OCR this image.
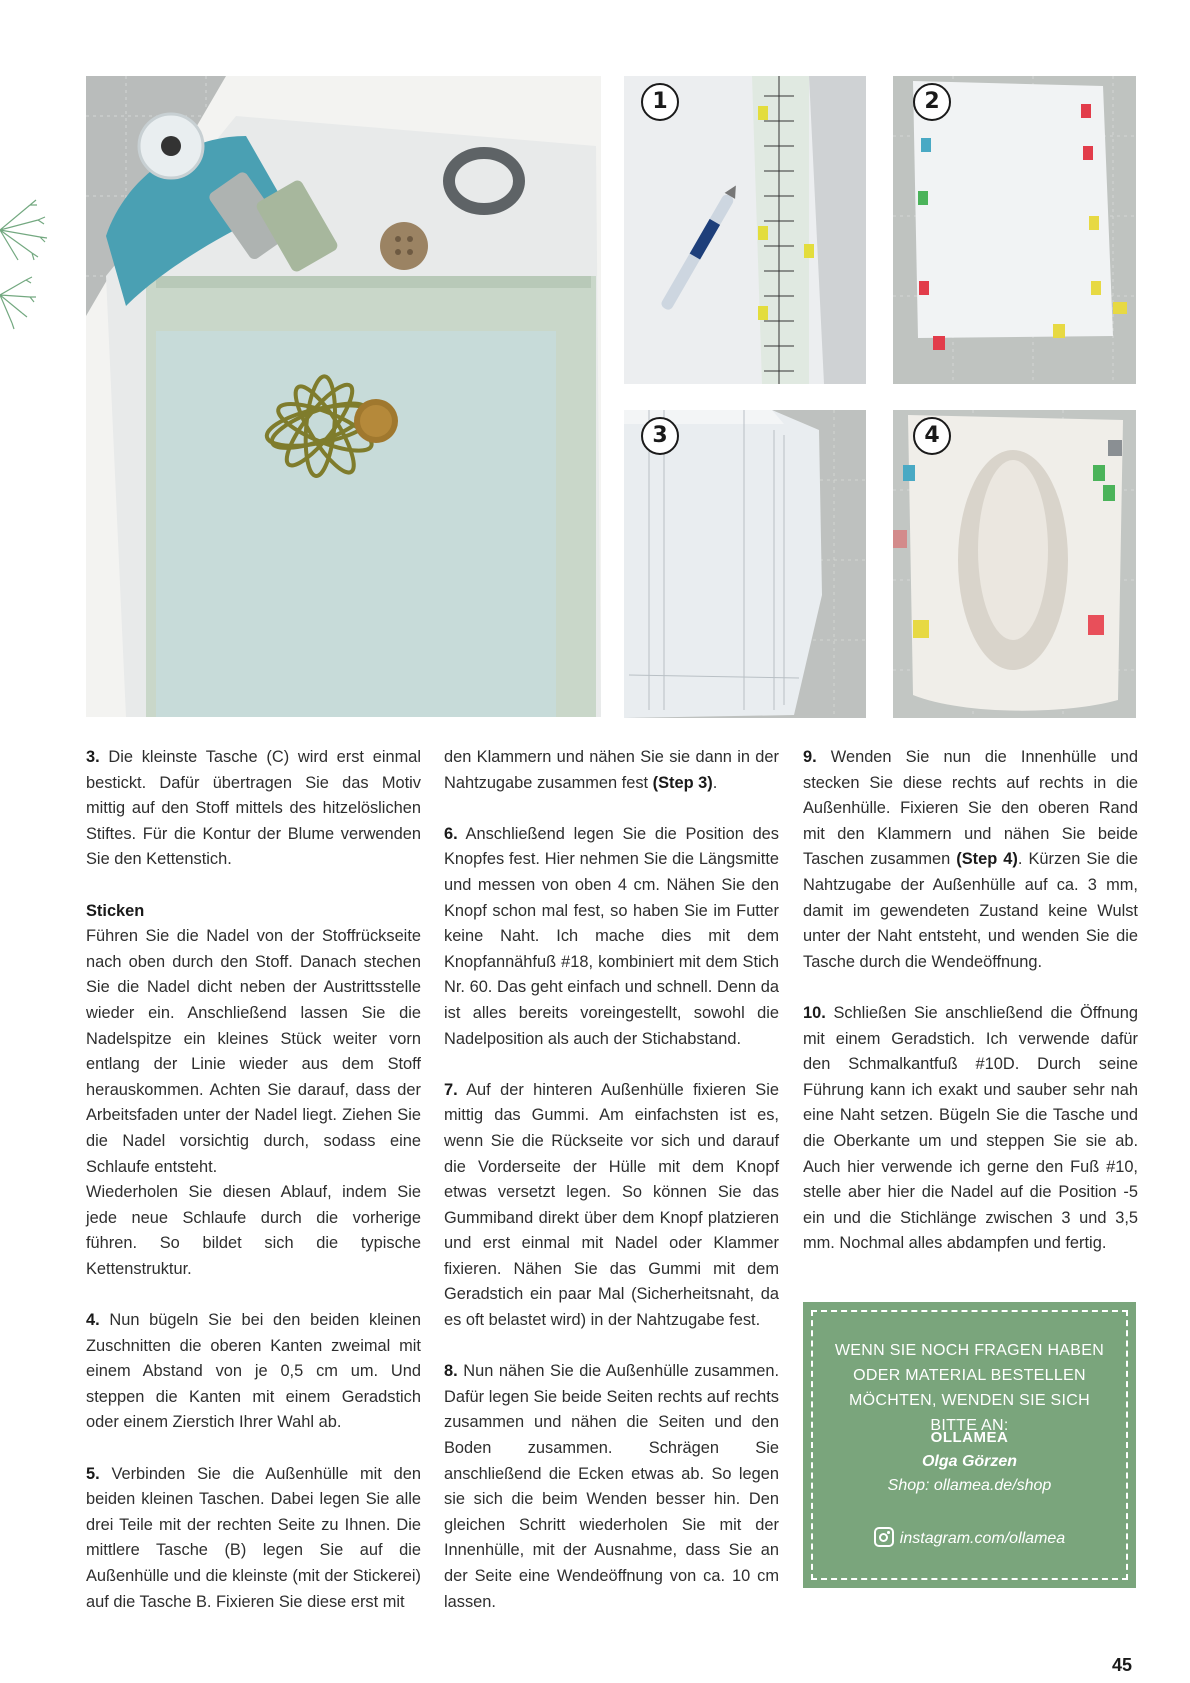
1	2
3	4

3. Die kleinste Tasche (C) wird erst einmal bestickt. Dafür übertragen Sie das Motiv mittig auf den Stoff mittels des hitzelöslichen Stiftes. Für die Kontur der Blume verwenden Sie den Kettenstich.

Sticken
Führen Sie die Nadel von der Stoffrückseite nach oben durch den Stoff. Danach stechen Sie die Nadel dicht neben der Austrittsstelle wieder ein. Anschließend lassen Sie die Nadelspitze ein kleines Stück weiter vorn entlang der Linie wieder aus dem Stoff herauskommen. Achten Sie darauf, dass der Arbeitsfaden unter der Nadel liegt. Ziehen Sie die Nadel vorsichtig durch, sodass eine Schlaufe entsteht.

Wiederholen Sie diesen Ablauf, indem Sie jede neue Schlaufe durch die vorherige führen. So bildet sich die typische Kettenstruktur.

4. Nun bügeln Sie bei den beiden kleinen Zuschnitten die oberen Kanten zweimal mit einem Abstand von je 0,5 cm um. Und steppen die Kanten mit einem Geradstich oder einem Zierstich Ihrer Wahl ab.

5. Verbinden Sie die Außenhülle mit den beiden kleinen Taschen. Dabei legen Sie alle drei Teile mit der rechten Seite zu Ihnen. Die mittlere Tasche (B) legen Sie auf die Außenhülle und die kleinste (mit der Stickerei) auf die Tasche B. Fixieren Sie diese erst mit

den Klammern und nähen Sie sie dann in der Nahtzugabe zusammen fest (Step 3).

6. Anschließend legen Sie die Position des Knopfes fest. Hier nehmen Sie die Längsmitte und messen von oben 4 cm. Nähen Sie den Knopf schon mal fest, so haben Sie im Futter keine Naht. Ich mache dies mit dem Knopfannähfuß #18, kombiniert mit dem Stich Nr. 60. Das geht einfach und schnell. Denn da ist alles bereits voreingestellt, sowohl die Nadelposition als auch der Stichabstand.

7. Auf der hinteren Außenhülle fixieren Sie mittig das Gummi. Am einfachsten ist es, wenn Sie die Rückseite vor sich und darauf die Vorderseite der Hülle mit dem Knopf etwas versetzt legen. So können Sie das Gummiband direkt über dem Knopf platzieren und erst einmal mit Nadel oder Klammer fixieren. Nähen Sie das Gummi mit dem Geradstich ein paar Mal (Sicherheitsnaht, da es oft belastet wird) in der Nahtzugabe fest.

8. Nun nähen Sie die Außenhülle zusammen. Dafür legen Sie beide Seiten rechts auf rechts zusammen und nähen die Seiten und den Boden zusammen. Schrägen Sie anschließend die Ecken etwas ab. So legen sie sich die beim Wenden besser hin. Den gleichen Schritt wiederholen Sie mit der Innenhülle, mit der Ausnahme, dass Sie an der Seite eine Wendeöffnung von ca. 10 cm lassen.

9. Wenden Sie nun die Innenhülle und stecken Sie diese rechts auf rechts in die Außenhülle. Fixieren Sie den oberen Rand mit den Klammern und nähen Sie beide Taschen zusammen (Step 4). Kürzen Sie die Nahtzugabe der Außenhülle auf ca. 3 mm, damit im gewendeten Zustand keine Wulst unter der Naht entsteht, und wenden Sie die Tasche durch die Wendeöffnung.

10. Schließen Sie anschließend die Öffnung mit einem Geradstich. Ich verwende dafür den Schmalkantfuß #10D. Durch seine Führung kann ich exakt und sauber sehr nah eine Naht setzen. Bügeln Sie die Tasche und die Oberkante um und steppen Sie sie ab. Auch hier verwende ich gerne den Fuß #10, stelle aber hier die Nadel auf die Position -5 ein und die Stichlänge zwischen 3 und 3,5 mm. Nochmal alles abdampfen und fertig.

WENN SIE NOCH FRAGEN HABEN ODER MATERIAL BESTELLEN MÖCHTEN, WENDEN SIE SICH BITTE AN:
OLLAMEA
Olga Görzen
Shop: ollamea.de/shop
instagram.com/ollamea
45
